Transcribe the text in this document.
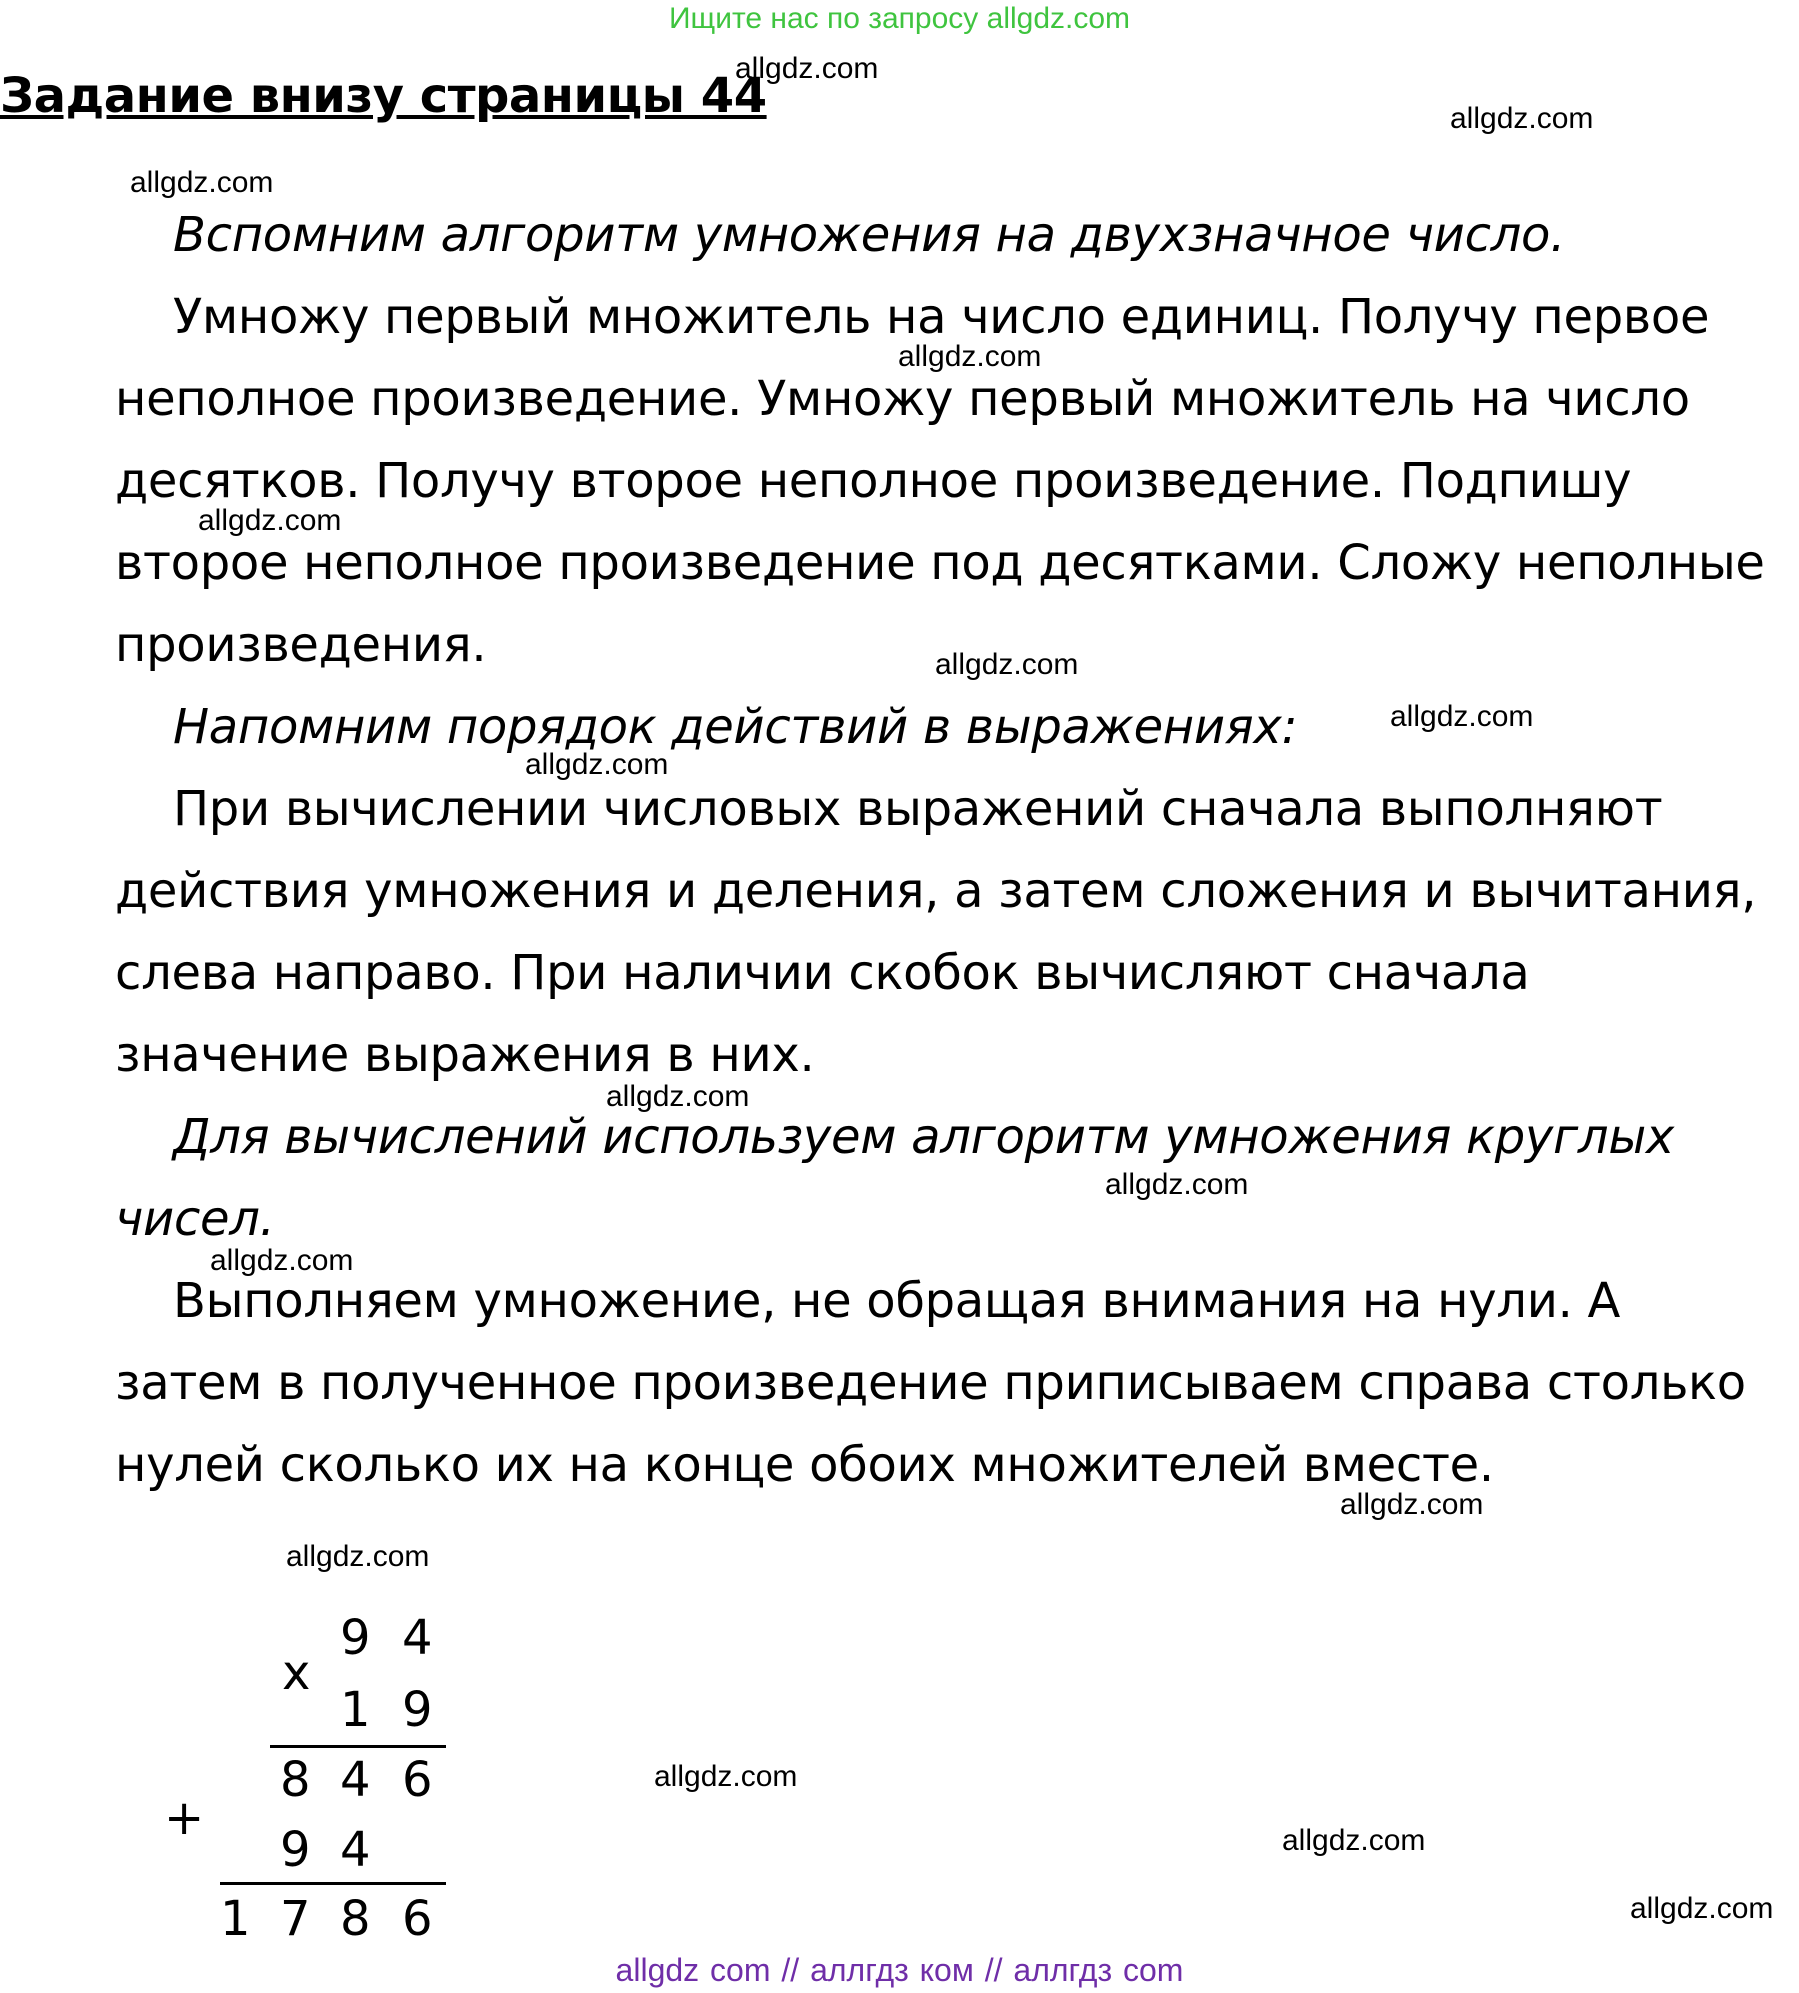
Ищите нас по запросу allgdz.com
Задание внизу страницы 44

Вспомним алгоритм умножения на двухзначное число.

Умножу первый множитель на число единиц. Получу первое неполное произведение. Умножу первый множитель на число десятков. Получу второе неполное произведение. Подпишу второе неполное произведение под десятками. Сложу неполные произведения.

Напомним порядок действий в выражениях:

При вычислении числовых выражений сначала выполняют действия умножения и деления, а затем сложения и вычитания, слева направо. При наличии скобок вычисляют сначала значение выражения в них.

Для вычислений используем алгоритм умножения круглых чисел.

Выполняем умножение, не обращая внимания на нули. А затем в полученное произведение приписываем справа столько нулей сколько их на конце обоих множителей вместе.

x
+
9 4
1 9
8 4 6
9 4
1 7 8 6
allgdz.com
allgdz.com
allgdz.com
allgdz.com
allgdz.com
allgdz.com
allgdz.com
allgdz.com
allgdz.com
allgdz.com
allgdz.com
allgdz.com
allgdz.com
allgdz.com
allgdz.com
allgdz.com
allgdz com // аллгдз ком // аллгдз com
